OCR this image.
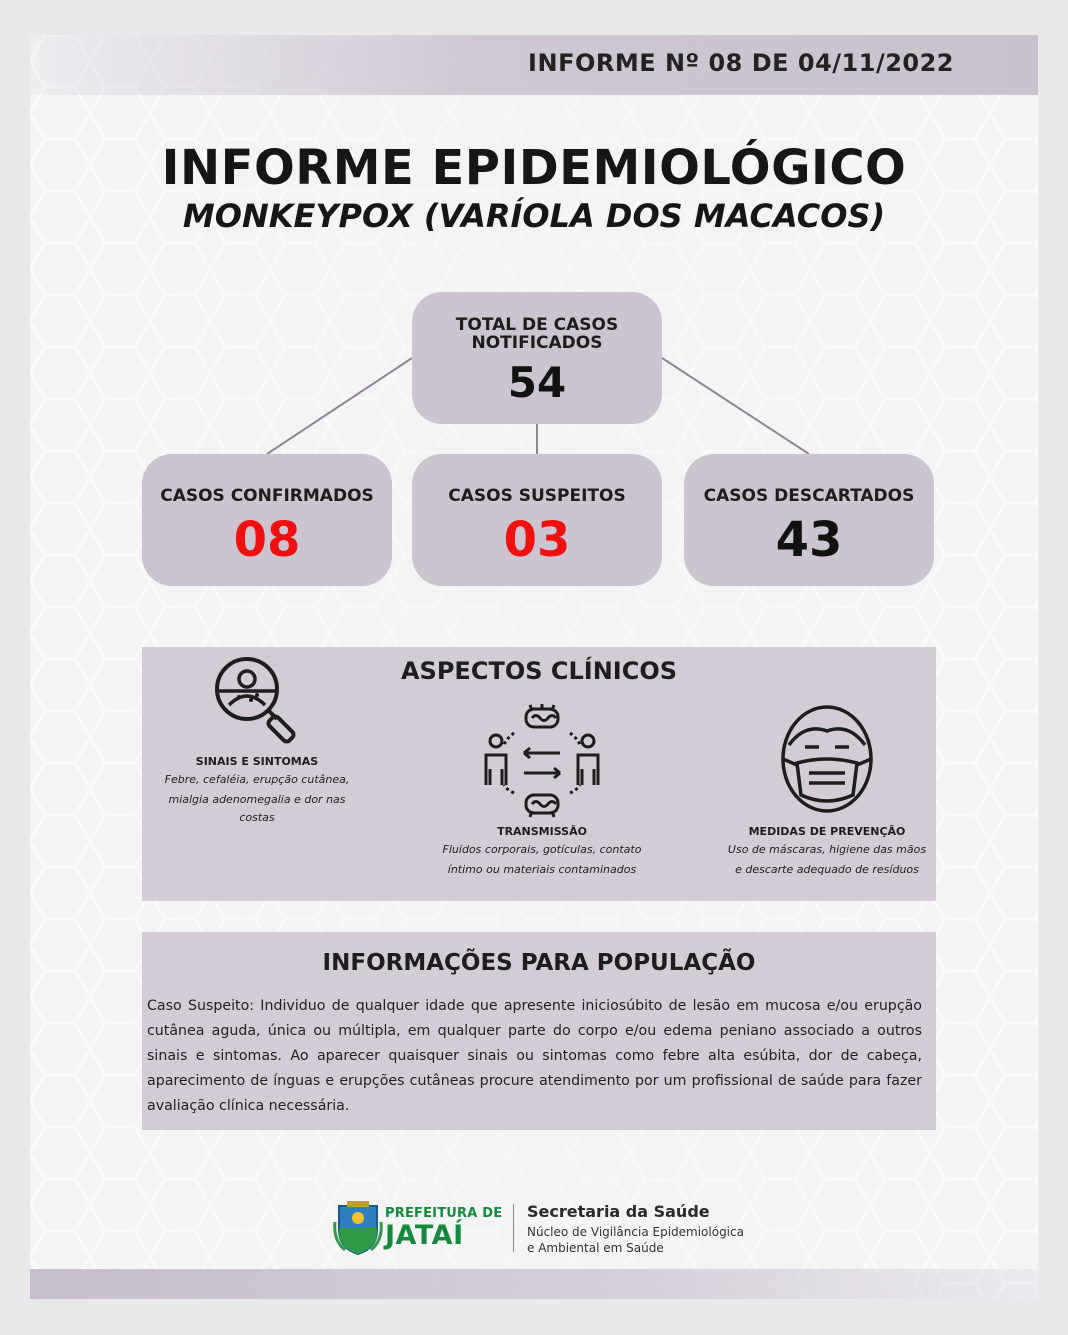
INFORME Nº 08 DE 04/11/2022
INFORME EPIDEMIOLÓGICO
MONKEYPOX (VARÍOLA DOS MACACOS)
TOTAL DE CASOS
NOTIFICADOS
54
CASOS CONFIRMADOS
08
CASOS SUSPEITOS
03
CASOS DESCARTADOS
43
ASPECTOS CLÍNICOS
SINAIS E SINTOMAS
Febre, cefaléia, erupção cutânea,
mialgia adenomegalia e dor nas
costas
TRANSMISSÃO
Fluidos corporais, gotículas, contato
íntimo ou materiais contaminados
MEDIDAS DE PREVENÇÃO
Uso de máscaras, higiene das mãos
e descarte adequado de resíduos
INFORMAÇÕES PARA POPULAÇÃO
Caso Suspeito: Individuo de qualquer idade que apresente iniciosúbito de lesão em mucosa e/ou erupção cutânea aguda, única ou múltipla, em qualquer parte do corpo e/ou edema peniano associado a outros sinais e sintomas. Ao aparecer quaisquer sinais ou sintomas como febre alta esúbita, dor de cabeça, aparecimento de ínguas e erupções cutâneas procure atendimento por um profissional de saúde para fazer avaliação clínica necessária.
PREFEITURA DE
JATAÍ
Secretaria da Saúde
Núcleo de Vigilância Epidemiológica
e Ambiental em Saúde
